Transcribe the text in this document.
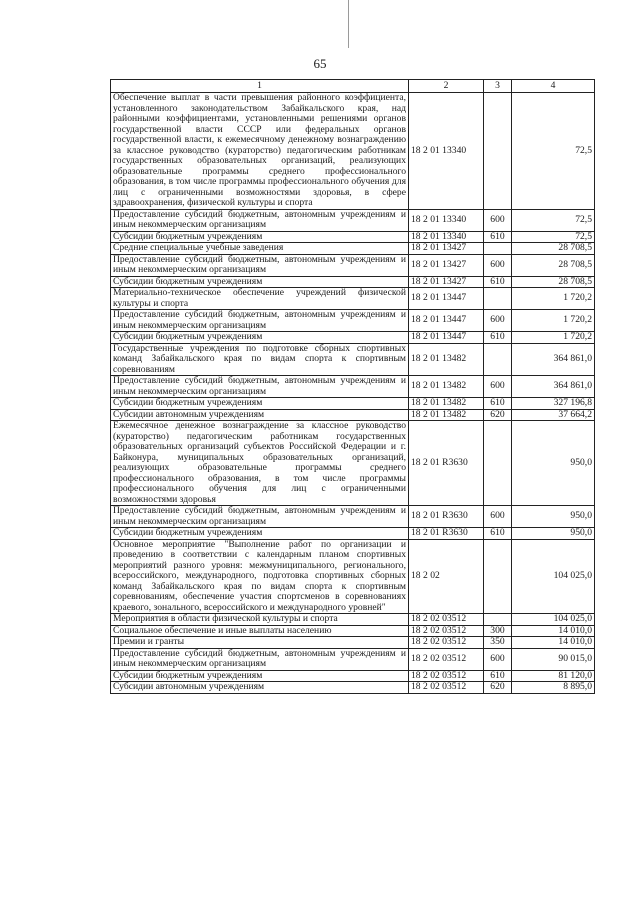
65
1	2	3	4
Обеспечение выплат в части превышения районного коэффициента, установленного законодательством Забайкальского края, над районными коэффициентами, установленными решениями органов государственной власти СССР или федеральных органов государственной власти, к ежемесячному денежному вознаграждению за классное руководство (кураторство) педагогическим работникам государственных образовательных организаций, реализующих образовательные программы среднего профессионального образования, в том числе программы профессионального обучения для лиц с ограниченными возможностями здоровья, в сфере здравоохранения, физической культуры и спорта	18 2 01 13340		72,5
Предоставление субсидий бюджетным, автономным учреждениям и иным некоммерческим организациям	18 2 01 13340	600	72,5
Субсидии бюджетным учреждениям	18 2 01 13340	610	72,5
Средние специальные учебные заведения	18 2 01 13427		28 708,5
Предоставление субсидий бюджетным, автономным учреждениям и иным некоммерческим организациям	18 2 01 13427	600	28 708,5
Субсидии бюджетным учреждениям	18 2 01 13427	610	28 708,5
Материально-техническое обеспечение учреждений физической культуры и спорта	18 2 01 13447		1 720,2
Предоставление субсидий бюджетным, автономным учреждениям и иным некоммерческим организациям	18 2 01 13447	600	1 720,2
Субсидии бюджетным учреждениям	18 2 01 13447	610	1 720,2
Государственные учреждения по подготовке сборных спортивных команд Забайкальского края по видам спорта к спортивным соревнованиям	18 2 01 13482		364 861,0
Предоставление субсидий бюджетным, автономным учреждениям и иным некоммерческим организациям	18 2 01 13482	600	364 861,0
Субсидии бюджетным учреждениям	18 2 01 13482	610	327 196,8
Субсидии автономным учреждениям	18 2 01 13482	620	37 664,2
Ежемесячное денежное вознаграждение за классное руководство (кураторство) педагогическим работникам государственных образовательных организаций субъектов Российской Федерации и г. Байконура, муниципальных образовательных организаций, реализующих образовательные программы среднего профессионального образования, в том числе программы профессионального обучения для лиц с ограниченными возможностями здоровья	18 2 01 R3630		950,0
Предоставление субсидий бюджетным, автономным учреждениям и иным некоммерческим организациям	18 2 01 R3630	600	950,0
Субсидии бюджетным учреждениям	18 2 01 R3630	610	950,0
Основное мероприятие "Выполнение работ по организации и проведению в соответствии с календарным планом спортивных мероприятий разного уровня: межмуниципального, регионального, всероссийского, международного, подготовка спортивных сборных команд Забайкальского края по видам спорта к спортивным соревнованиям, обеспечение участия спортсменов в соревнованиях краевого, зонального, всероссийского и международного уровней"	18 2 02		104 025,0
Мероприятия в области физической культуры и спорта	18 2 02 03512		104 025,0
Социальное обеспечение и иные выплаты населению	18 2 02 03512	300	14 010,0
Премии и гранты	18 2 02 03512	350	14 010,0
Предоставление субсидий бюджетным, автономным учреждениям и иным некоммерческим организациям	18 2 02 03512	600	90 015,0
Субсидии бюджетным учреждениям	18 2 02 03512	610	81 120,0
Субсидии автономным учреждениям	18 2 02 03512	620	8 895,0
